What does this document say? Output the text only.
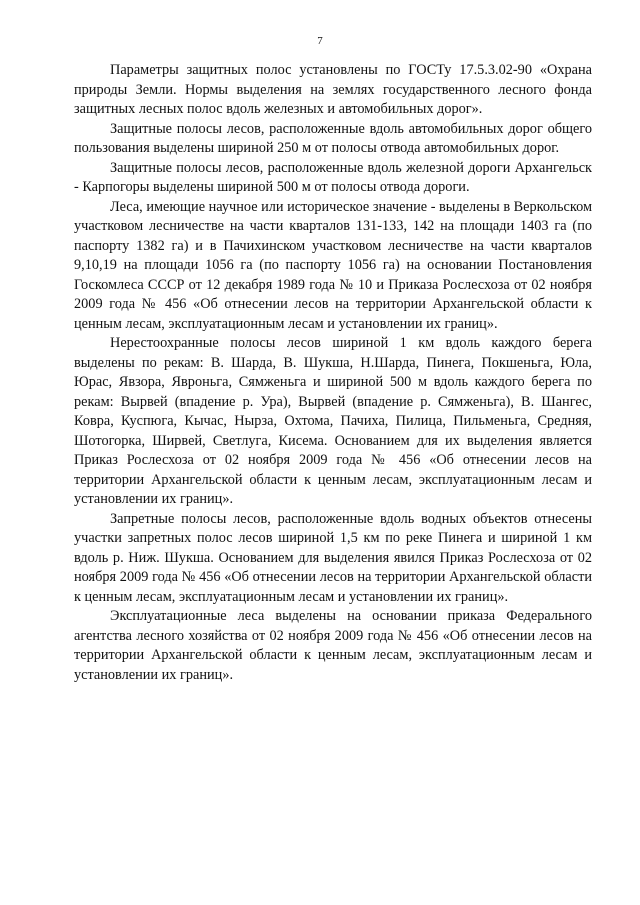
7

Параметры защитных полос установлены по ГОСТу 17.5.3.02-90 «Охрана природы Земли. Нормы выделения на землях государственного лесного фонда защитных лесных полос вдоль железных и автомобильных дорог».

Защитные полосы лесов, расположенные вдоль автомобильных дорог общего пользования выделены шириной 250 м от полосы отвода автомобильных дорог.

Защитные полосы лесов, расположенные вдоль железной дороги Архангельск - Карпогоры выделены шириной 500 м от полосы отвода дороги.

Леса, имеющие научное или историческое значение - выделены в Веркольском участковом лесничестве на части кварталов 131-133, 142 на площади 1403 га (по паспорту 1382 га) и в Пачихинском участковом лесничестве на части кварталов 9,10,19 на площади 1056 га (по паспорту 1056 га) на основании Постановления Госкомлеса СССР от 12 декабря 1989 года № 10 и Приказа Рослесхоза от 02 ноября 2009 года № 456 «Об отнесении лесов на территории Архангельской области к ценным лесам, эксплуатационным лесам и установлении их границ».

Нерестоохранные полосы лесов шириной 1 км вдоль каждого берега выделены по рекам: В. Шарда, В. Шукша, Н.Шарда, Пинега, Покшеньга, Юла, Юрас, Явзора, Явроньга, Сямженьга и шириной 500 м вдоль каждого берега по рекам: Вырвей (впадение р. Ура), Вырвей (впадение р. Сямженьга), В. Шангес, Ковра, Куспюга, Кычас, Нырза, Охтома, Пачиха, Пилица, Пильменьга, Средняя, Шотогорка, Ширвей, Светлуга, Кисема. Основанием для их выделения является Приказ Рослесхоза от 02 ноября 2009 года № 456 «Об отнесении лесов на территории Архангельской области к ценным лесам, эксплуатационным лесам и установлении их границ».

Запретные полосы лесов, расположенные вдоль водных объектов отнесены участки запретных полос лесов шириной 1,5 км по реке Пинега и шириной 1 км вдоль р. Ниж. Шукша. Основанием для выделения явился Приказ Рослесхоза от 02 ноября 2009 года № 456 «Об отнесении лесов на территории Архангельской области к ценным лесам, эксплуатационным лесам и установлении их границ».

Эксплуатационные леса выделены на основании приказа Федерального агентства лесного хозяйства от 02 ноября 2009 года № 456 «Об отнесении лесов на территории Архангельской области к ценным лесам, эксплуатационным лесам и установлении их границ».
